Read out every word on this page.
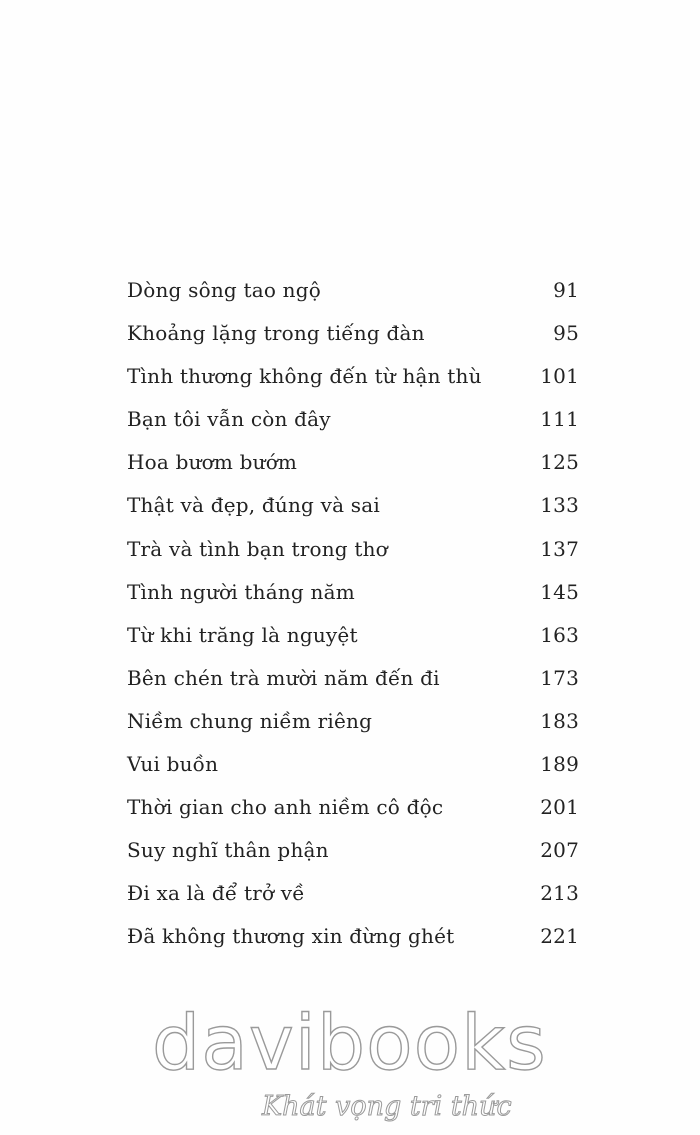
Dòng sông tao ngộ	91
Khoảng lặng trong tiếng đàn	95
Tình thương không đến từ hận thù	101
Bạn tôi vẫn còn đây	111
Hoa bươm bướm	125
Thật và đẹp, đúng và sai	133
Trà và tình bạn trong thơ	137
Tình người tháng năm	145
Từ khi trăng là nguyệt	163
Bên chén trà mười năm đến đi	173
Niềm chung niềm riêng	183
Vui buồn	189
Thời gian cho anh niềm cô độc	201
Suy nghĩ thân phận	207
Đi xa là để trở về	213
Đã không thương xin đừng ghét	221
davibooks
Khát vọng tri thức
